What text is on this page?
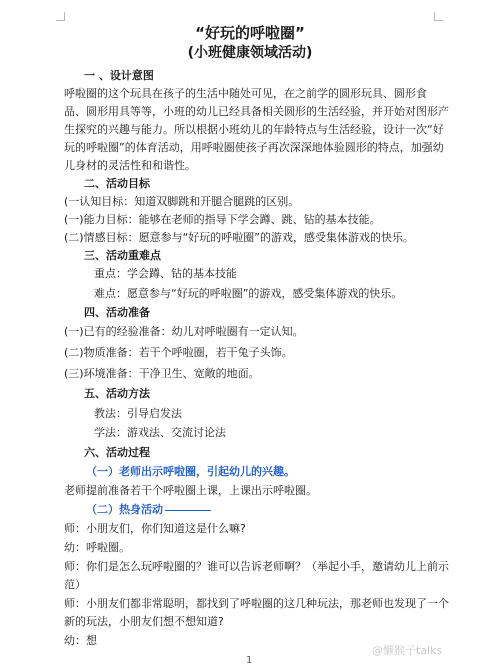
“好玩的呼啦圈”
(小班健康领域活动)
一 、设计意图
呼啦圈的这个玩具在孩子的生活中随处可见，在之前学的圆形玩具、圆形食
品、圆形用具等等，小班的幼儿已经具备相关圆形的生活经验，并开始对图形产
生探究的兴趣与能力。所以根据小班幼儿的年龄特点与生活经验，设计一次“好
玩的呼啦圈”的体育活动，用呼啦圈使孩子再次深深地体验圆形的特点，加强幼
儿身材的灵活性和和谐性。
二、活动目标
(一认知目标：知道双脚跳和开腿合腿跳的区别。
(一)能力目标：能够在老师的指导下学会蹲、跳、钻的基本技能。
(二)情感目标：愿意参与“好玩的呼啦圈”的游戏，感受集体游戏的快乐。
三、活动重难点
重点：学会蹲、钻的基本技能
难点：愿意参与“好玩的呼啦圈”的游戏，感受集体游戏的快乐。
四、活动准备
(一)已有的经验准备：幼儿对呼啦圈有一定认知。
(二)物质准备：若干个呼啦圈，若干兔子头饰。
(三)环境准备：干净卫生、宽敞的地面。
五、活动方法
教法：引导启发法
学法：游戏法、交流讨论法
六、活动过程
（一）老师出示呼啦圈，引起幼儿的兴趣。
老师提前准备若干个呼啦圈上课，上课出示呼啦圈。
（二）热身活动
师：小朋友们，你们知道这是什么嘛?
幼：呼啦圈。
师：你们是怎么玩呼啦圈的？谁可以告诉老师啊？（举起小手，邀请幼儿上前示
范）
师：小朋友们都非常聪明，都找到了呼啦圈的这几种玩法，那老师也发现了一个
新的玩法，小朋友们想不想知道?
幼：想
1
@懒猴子talks
